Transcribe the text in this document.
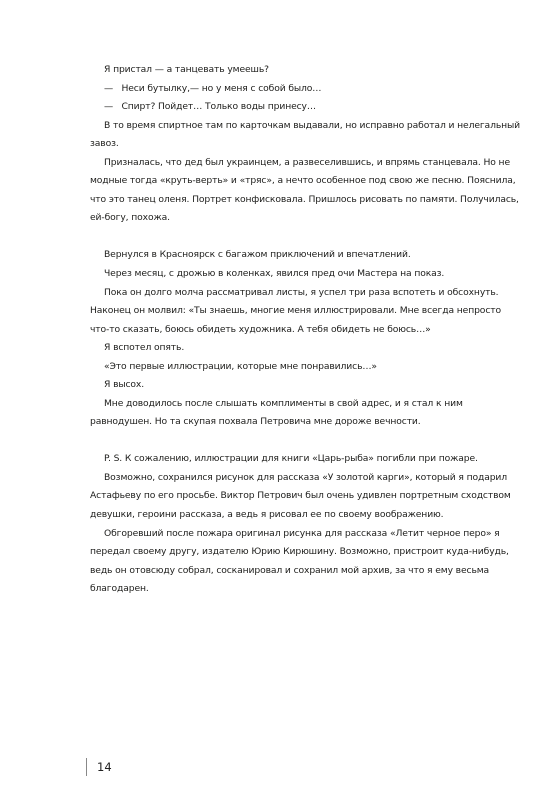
Я пристал — а танцевать умеешь?

—   Неси бутылку,— но у меня с собой было…

—   Спирт? Пойдет… Только воды принесу…

В то время спиртное там по карточкам выдавали, но исправно работал и нелегальный завоз.

Призналась, что дед был украинцем, а развеселившись, и впрямь станцевала. Но не модные тогда «круть-верть» и «тряс», а нечто особенное под свою же песню. Пояснила, что это танец оленя. Портрет конфисковала. Пришлось рисовать по памяти. Получилась, ей-богу, похожа.

Вернулся в Красноярск с багажом приключений и впечатлений.

Через месяц, с дрожью в коленках, явился пред очи Мастера на показ.

Пока он долго молча рассматривал листы, я успел три раза вспотеть и обсохнуть. Наконец он молвил: «Ты знаешь, многие меня иллюстрировали. Мне всегда непросто что-то сказать, боюсь обидеть художника. А тебя обидеть не боюсь…»

Я вспотел опять.

«Это первые иллюстрации, которые мне понравились…»

Я высох.

Мне доводилось после слышать комплименты в свой адрес, и я стал к ним равнодушен. Но та скупая похвала Петровича мне дороже вечности.

P. S. К сожалению, иллюстрации для книги «Царь-рыба» погибли при пожаре.

Возможно, сохранился рисунок для рассказа «У золотой карги», который я подарил Астафьеву по его просьбе. Виктор Петрович был очень удивлен портретным сходством девушки, героини рассказа, а ведь я рисовал ее по своему воображению.

Обгоревший после пожара оригинал рисунка для рассказа «Летит черное перо» я передал своему другу, издателю Юрию Кирюшину. Возможно, пристроит куда-нибудь, ведь он отовсюду собрал, сосканировал и сохранил мой архив, за что я ему весьма благодарен.

14
